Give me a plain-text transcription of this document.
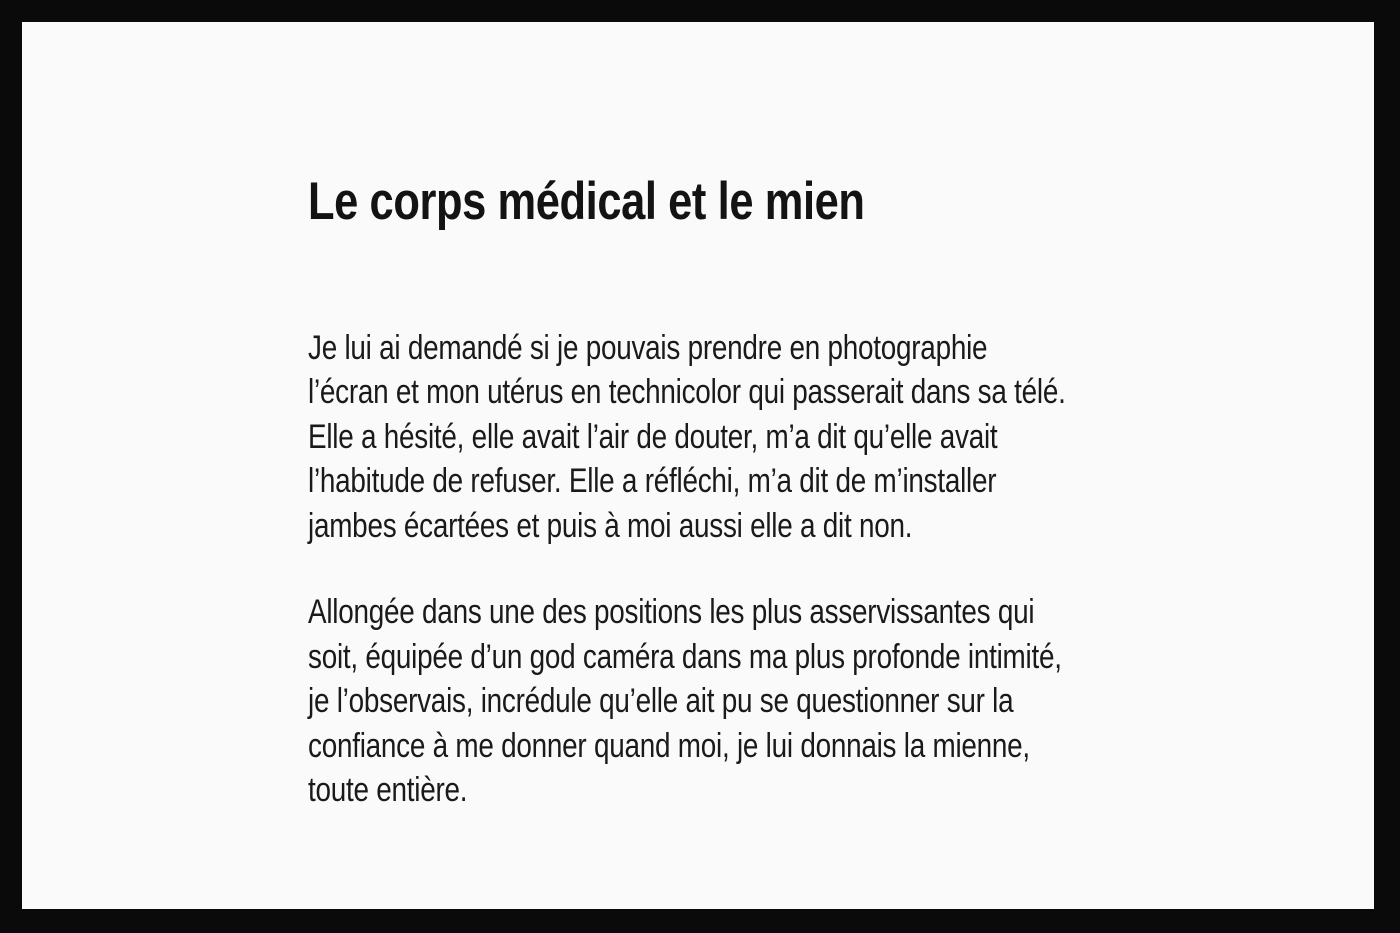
Le corps médical et le mien

Je lui ai demandé si je pouvais prendre en photographie
l’écran et mon utérus en technicolor qui passerait dans sa télé.
Elle a hésité, elle avait l’air de douter, m’a dit qu’elle avait
l’habitude de refuser. Elle a réfléchi, m’a dit de m’installer
jambes écartées et puis à moi aussi elle a dit non.

Allongée dans une des positions les plus asservissantes qui
soit, équipée d’un god caméra dans ma plus profonde intimité,
je l’observais, incrédule qu’elle ait pu se questionner sur la
confiance à me donner quand moi, je lui donnais la mienne,
toute entière.
